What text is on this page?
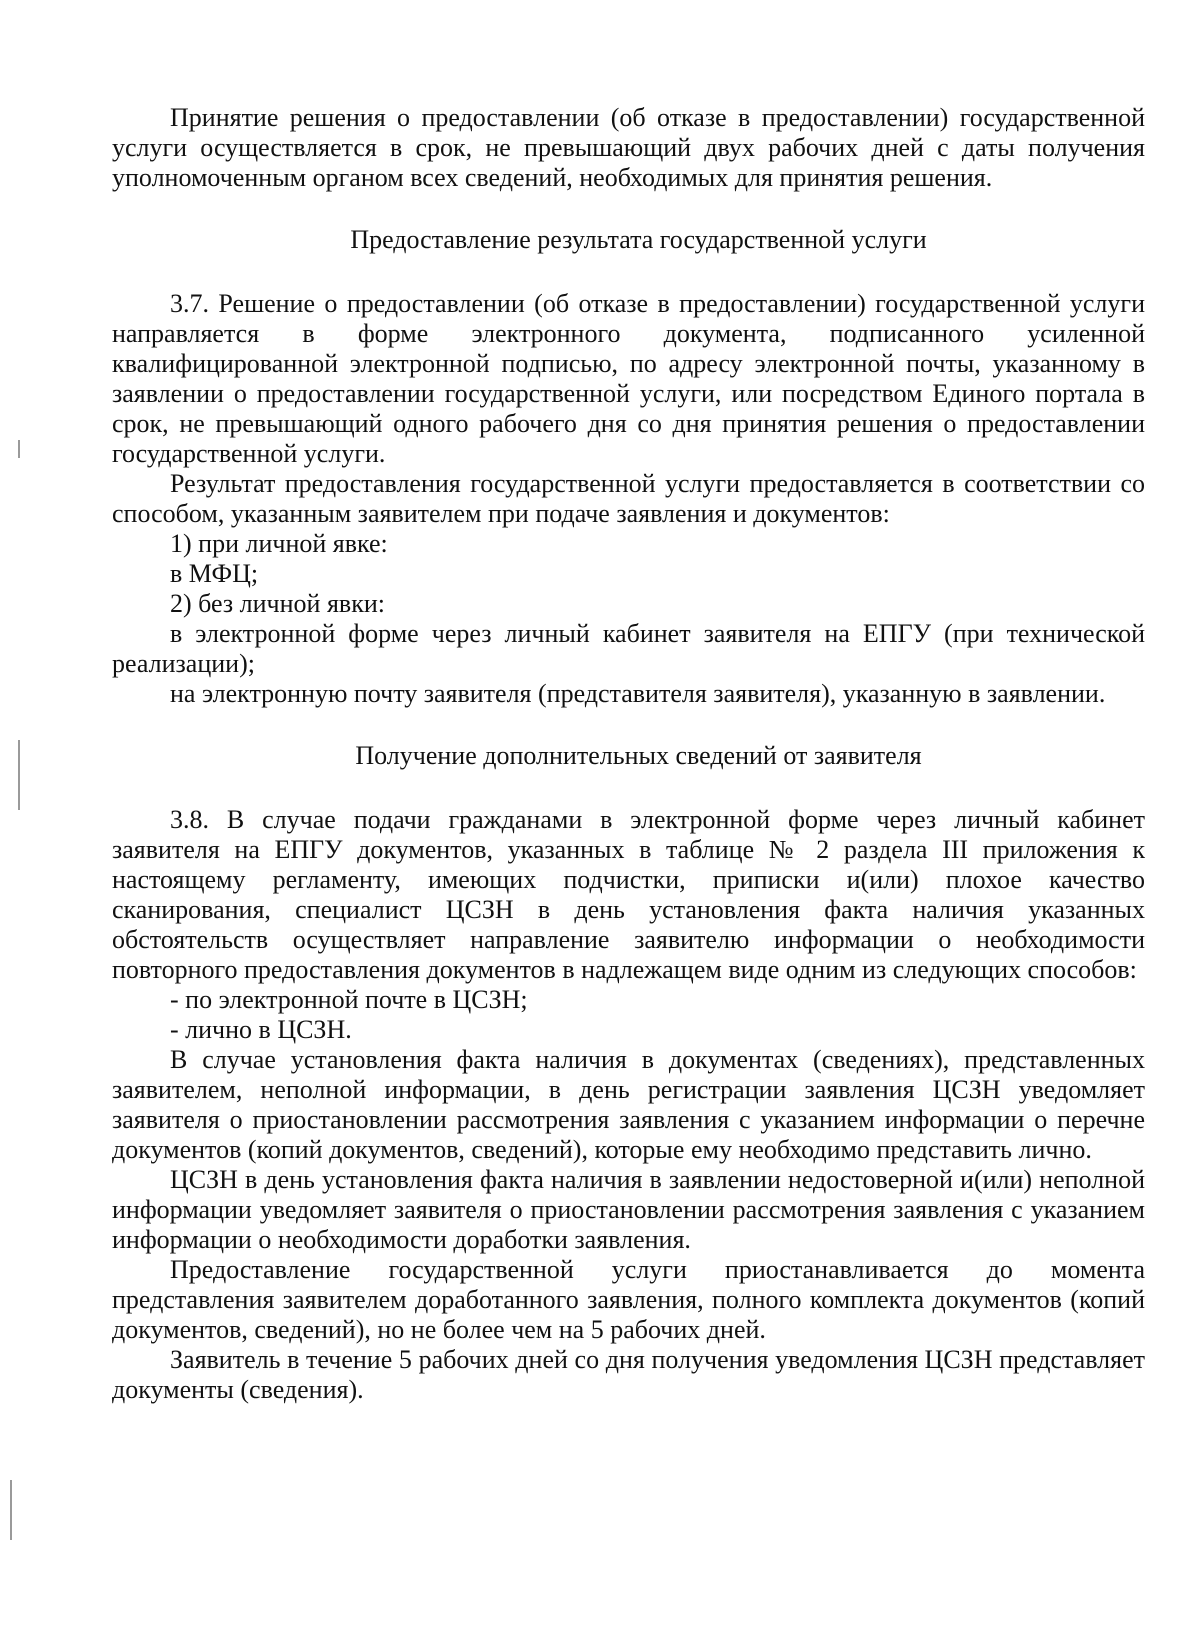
Принятие решения о предоставлении (об отказе в предоставлении) государственной услуги осуществляется в срок, не превышающий двух рабочих дней с даты получения уполномоченным органом всех сведений, необходимых для принятия решения.

Предоставление результата государственной услуги

3.7. Решение о предоставлении (об отказе в предоставлении) государственной услуги направляется в форме электронного документа, подписанного усиленной квалифицированной электронной подписью, по адресу электронной почты, указанному в заявлении о предоставлении государственной услуги, или посредством Единого портала в срок, не превышающий одного рабочего дня со дня принятия решения о предоставлении государственной услуги.

Результат предоставления государственной услуги предоставляется в соответствии со способом, указанным заявителем при подаче заявления и документов:

1) при личной явке:

в МФЦ;

2) без личной явки:

в электронной форме через личный кабинет заявителя на ЕПГУ (при технической реализации);

на электронную почту заявителя (представителя заявителя), указанную в заявлении.

Получение дополнительных сведений от заявителя

3.8. В случае подачи гражданами в электронной форме через личный кабинет заявителя на ЕПГУ документов, указанных в таблице № 2 раздела III приложения к настоящему регламенту, имеющих подчистки, приписки и(или) плохое качество сканирования, специалист ЦСЗН в день установления факта наличия указанных обстоятельств осуществляет направление заявителю информации о необходимости повторного предоставления документов в надлежащем виде одним из следующих способов:

- по электронной почте в ЦСЗН;

- лично в ЦСЗН.

В случае установления факта наличия в документах (сведениях), представленных заявителем, неполной информации, в день регистрации заявления ЦСЗН уведомляет заявителя о приостановлении рассмотрения заявления с указанием информации о перечне документов (копий документов, сведений), которые ему необходимо представить лично.

ЦСЗН в день установления факта наличия в заявлении недостоверной и(или) неполной информации уведомляет заявителя о приостановлении рассмотрения заявления с указанием информации о необходимости доработки заявления.

Предоставление государственной услуги приостанавливается до момента представления заявителем доработанного заявления, полного комплекта документов (копий документов, сведений), но не более чем на 5 рабочих дней.

Заявитель в течение 5 рабочих дней со дня получения уведомления ЦСЗН представляет документы (сведения).
